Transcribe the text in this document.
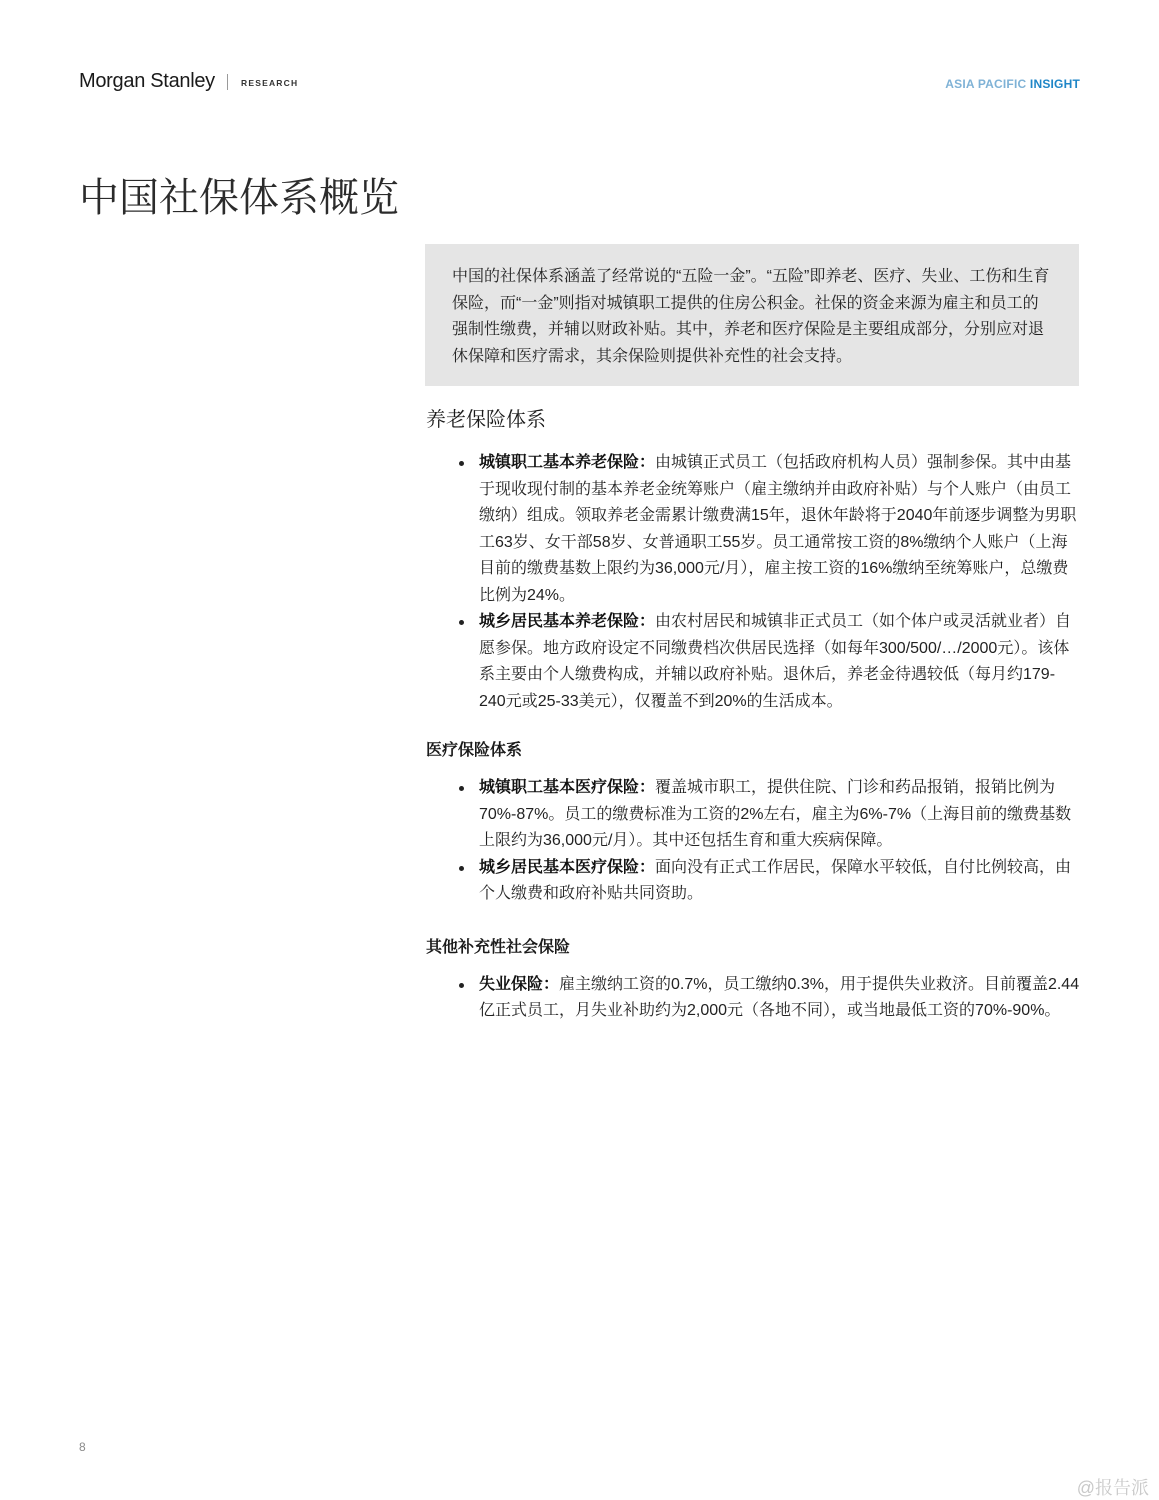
Morgan Stanley	RESEARCH	ASIA PACIFIC INSIGHT
中国社保体系概览
中国的社保体系涵盖了经常说的“五险一金”。“五险”即养老、医疗、失业、工伤和生育保险，而“一金”则指对城镇职工提供的住房公积金。社保的资金来源为雇主和员工的强制性缴费，并辅以财政补贴。其中，养老和医疗保险是主要组成部分，分别应对退休保障和医疗需求，其余保险则提供补充性的社会支持。
养老保险体系
城镇职工基本养老保险：由城镇正式员工（包括政府机构人员）强制参保。其中由基于现收现付制的基本养老金统筹账户（雇主缴纳并由政府补贴）与个人账户（由员工缴纳）组成。领取养老金需累计缴费满15年，退休年龄将于2040年前逐步调整为男职工63岁、女干部58岁、女普通职工55岁。员工通常按工资的8%缴纳个人账户（上海目前的缴费基数上限约为36,000元/月），雇主按工资的16%缴纳至统筹账户，总缴费比例为24%。
城乡居民基本养老保险：由农村居民和城镇非正式员工（如个体户或灵活就业者）自愿参保。地方政府设定不同缴费档次供居民选择（如每年300/500/…/2000元）。该体系主要由个人缴费构成，并辅以政府补贴。退休后，养老金待遇较低（每月约179-240元或25-33美元），仅覆盖不到20%的生活成本。
医疗保险体系
城镇职工基本医疗保险：覆盖城市职工，提供住院、门诊和药品报销，报销比例为70%-87%。员工的缴费标准为工资的2%左右，雇主为6%-7%（上海目前的缴费基数上限约为36,000元/月）。其中还包括生育和重大疾病保障。
城乡居民基本医疗保险：面向没有正式工作居民，保障水平较低，自付比例较高，由个人缴费和政府补贴共同资助。
其他补充性社会保险
失业保险：雇主缴纳工资的0.7%，员工缴纳0.3%，用于提供失业救济。目前覆盖2.44亿正式员工，月失业补助约为2,000元（各地不同），或当地最低工资的70%-90%。
8
@报告派
